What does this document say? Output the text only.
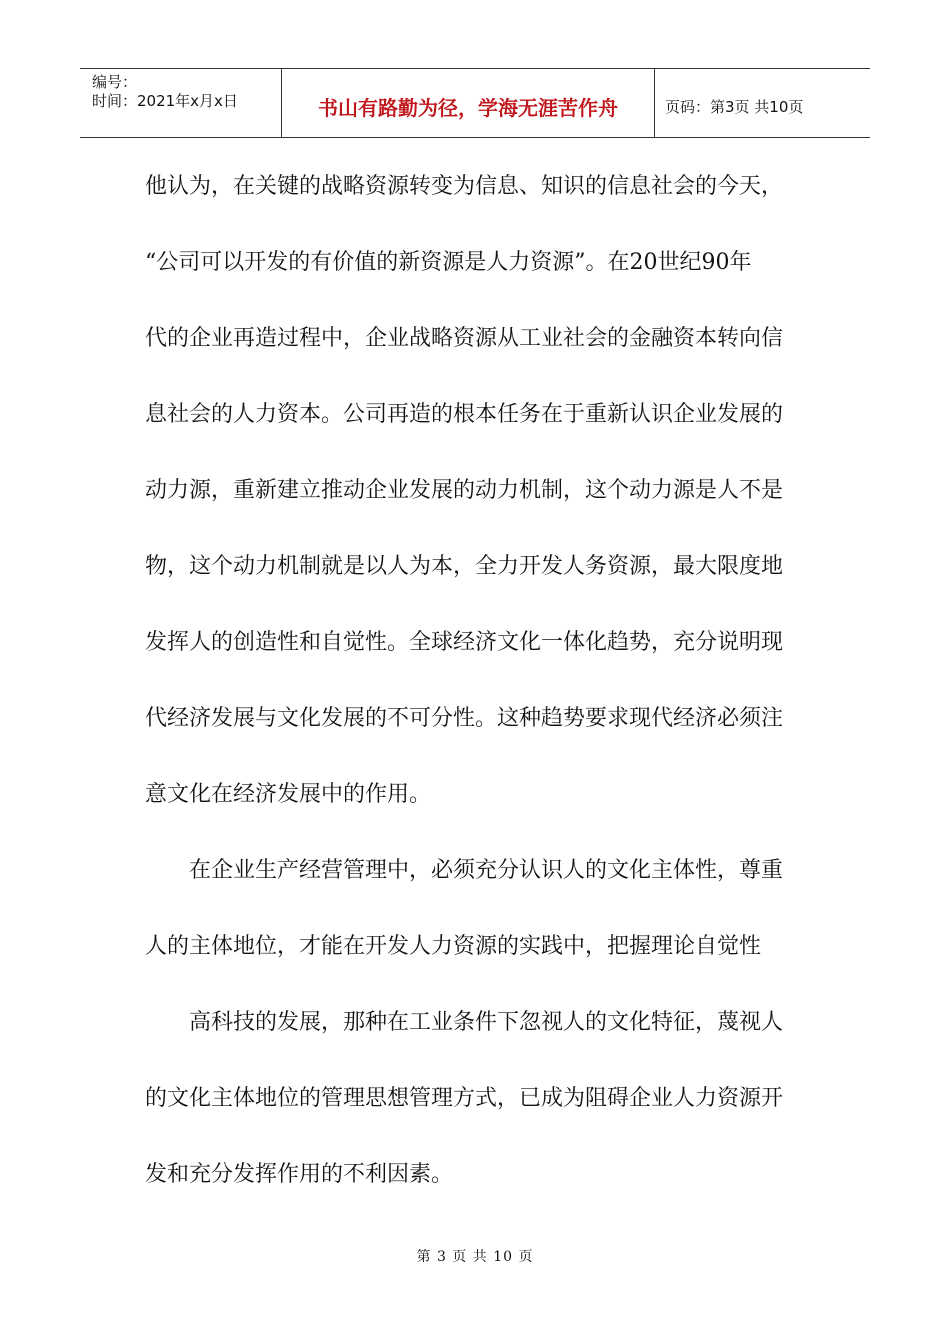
编号：
时间：2021年x月x日	书山有路勤为径，学海无涯苦作舟	页码：第3页 共10页
他认为，在关键的战略资源转变为信息、知识的信息社会的今天，
“公司可以开发的有价值的新资源是人力资源”。在20世纪90年
代的企业再造过程中，企业战略资源从工业社会的金融资本转向信
息社会的人力资本。公司再造的根本任务在于重新认识企业发展的
动力源，重新建立推动企业发展的动力机制，这个动力源是人不是
物，这个动力机制就是以人为本，全力开发人务资源，最大限度地
发挥人的创造性和自觉性。全球经济文化一体化趋势，充分说明现
代经济发展与文化发展的不可分性。这种趋势要求现代经济必须注
意文化在经济发展中的作用。
　　在企业生产经营管理中，必须充分认识人的文化主体性，尊重
人的主体地位，才能在开发人力资源的实践中，把握理论自觉性
　　高科技的发展，那种在工业条件下忽视人的文化特征，蔑视人
的文化主体地位的管理思想管理方式，已成为阻碍企业人力资源开
发和充分发挥作用的不利因素。
第 3 页 共 10 页
